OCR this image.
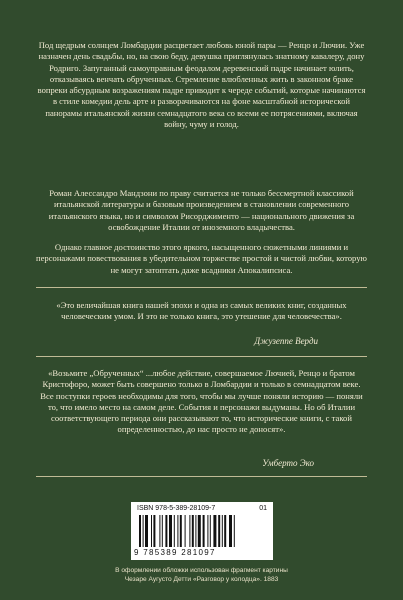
Под щедрым солнцем Ломбардии расцветает любовь юной пары — Ренцо и Лючии. Уже назначен день свадьбы, но, на свою беду, девушка приглянулась знатному кавалеру, дону Родриго. Запуганный самоуправным феодалом деревенский падре начинает юлить, отказываясь венчать обрученных. Стремление влюбленных жить в законном браке вопреки абсурдным возражениям падре приводит к череде событий, которые начинаются в стиле комедии дель арте и разворачиваются на фоне масштабной исторической панорамы итальянской жизни семнадцатого века со всеми ее потрясениями, включая войну, чуму и голод.

Роман Алессандро Мандзони по праву считается не только бессмертной классикой итальянской литературы и базовым произведением в становлении современного итальянского языка, но и символом Рисорджименто — национального движения за освобождение Италии от иноземного владычества.

Однако главное достоинство этого яркого, насыщенного сюжетными линиями и персонажами повествования в убедительном торжестве простой и чистой любви, которую не могут затоптать даже всадники Апокалипсиса.

«Это величайшая книга нашей эпохи и одна из самых великих книг, созданных человеческим умом. И это не только книга, это утешение для человечества».

Джузеппе Верди

«Возьмите „Обрученных“ ...любое действие, совершаемое Лючией, Ренцо и братом Кристофоро, может быть совершено только в Ломбардии и только в семнадцатом веке. Все поступки героев необходимы для того, чтобы мы лучше поняли историю — поняли то, что имело место на самом деле. События и персонажи выдуманы. Но об Италии соответствующего периода они рассказывают то, что исторические книги, с такой определенностью, до нас просто не доносят».

Умберто Эко
ISBN 978-5-389-28109-7	01
9 785389 281097
В оформлении обложки использован фрагмент картины
Чезаре Аугусто Детти «Разговор у колодца». 1883
